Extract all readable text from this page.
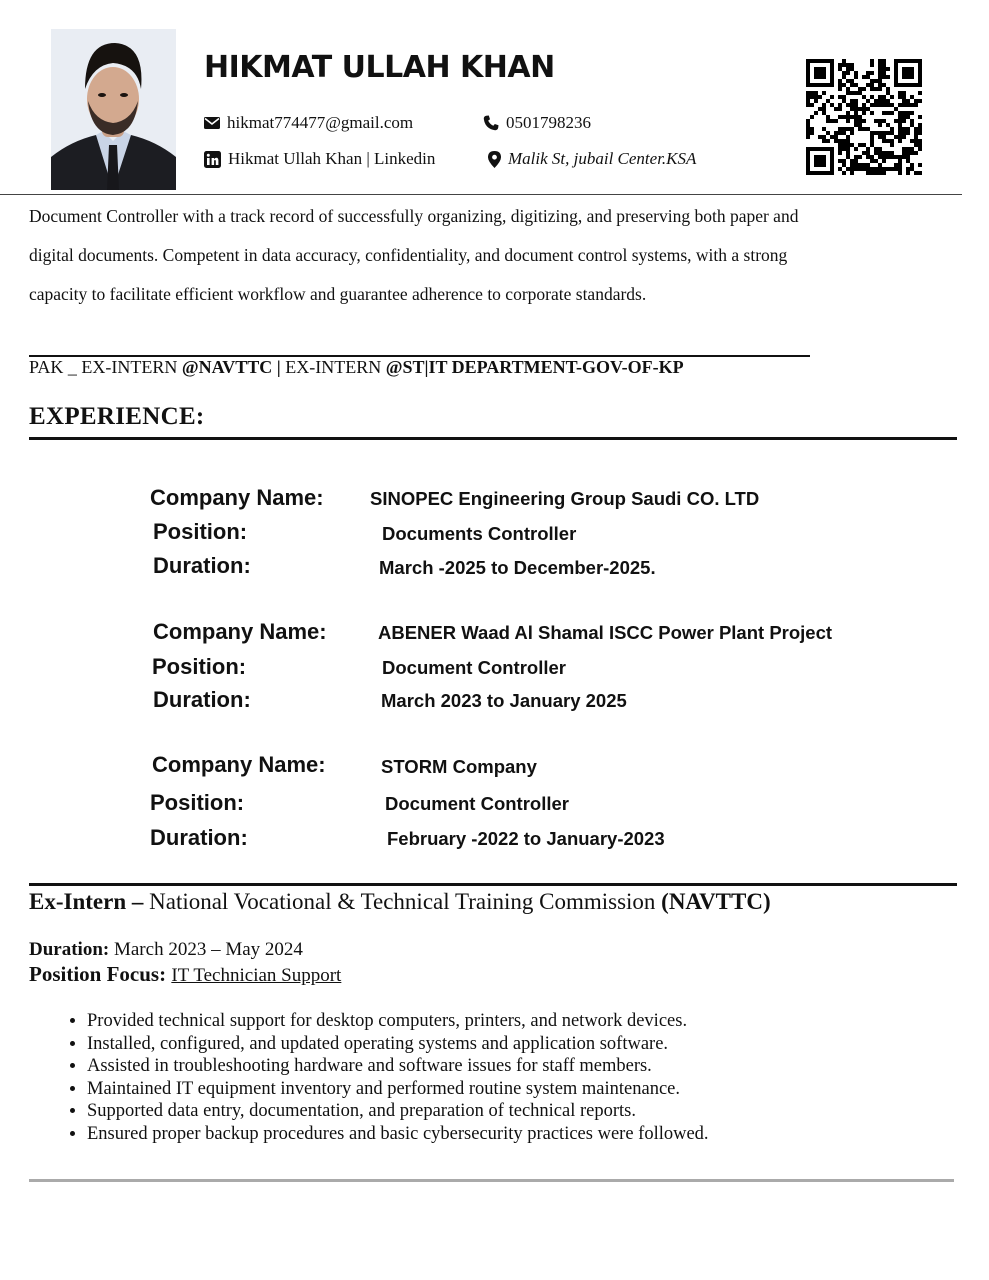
HIKMAT ULLAH KHAN
hikmat774477@gmail.com	0501798236
Hikmat Ullah Khan | Linkedin	Malik St, jubail Center.KSA
Document Controller with a track record of successfully organizing, digitizing, and preserving both paper and digital documents. Competent in data accuracy, confidentiality, and document control systems, with a strong capacity to facilitate efficient workflow and guarantee adherence to corporate standards.
PAK _ EX-INTERN @NAVTTC | EX-INTERN @ST|IT DEPARTMENT-GOV-OF-KP
EXPERIENCE:
Company Name:	SINOPEC Engineering Group Saudi CO. LTD
Position:	Documents Controller
Duration:	March -2025 to December-2025.
Company Name:	ABENER Waad Al Shamal ISCC Power Plant Project
Position:	Document Controller
Duration:	March 2023 to January 2025
Company Name:	STORM Company
Position:	Document Controller
Duration:	February -2022 to January-2023
Ex-Intern – National Vocational & Technical Training Commission (NAVTTC)
Duration: March 2023 – May 2024
Position Focus: IT Technician Support
• Provided technical support for desktop computers, printers, and network devices.
• Installed, configured, and updated operating systems and application software.
• Assisted in troubleshooting hardware and software issues for staff members.
• Maintained IT equipment inventory and performed routine system maintenance.
• Supported data entry, documentation, and preparation of technical reports.
• Ensured proper backup procedures and basic cybersecurity practices were followed.
